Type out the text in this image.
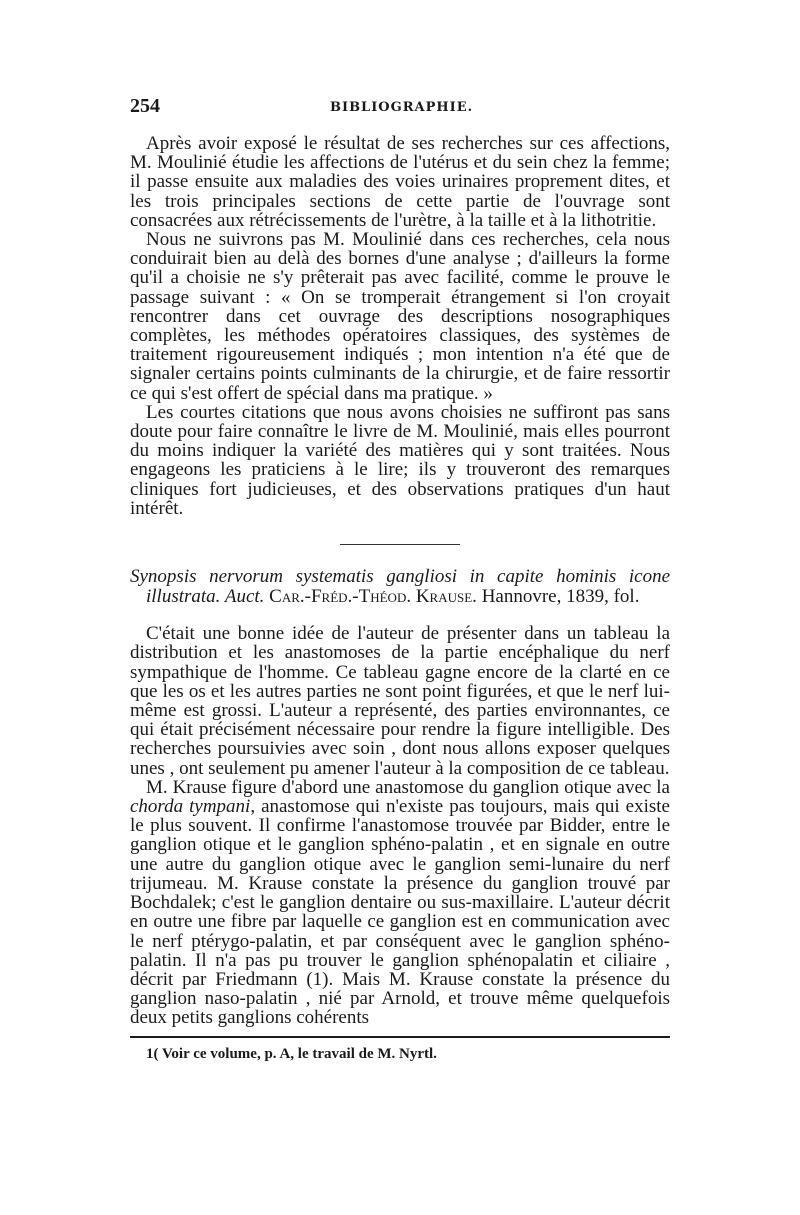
254	BIBLIOGRAPHIE.

Après avoir exposé le résultat de ses recherches sur ces affections, M. Moulinié étudie les affections de l'utérus et du sein chez la femme; il passe ensuite aux maladies des voies urinaires proprement dites, et les trois principales sections de cette partie de l'ouvrage sont consacrées aux rétrécissements de l'urètre, à la taille et à la lithotritie.

Nous ne suivrons pas M. Moulinié dans ces recherches, cela nous conduirait bien au delà des bornes d'une analyse ; d'ailleurs la forme qu'il a choisie ne s'y prêterait pas avec facilité, comme le prouve le passage suivant : « On se tromperait étrangement si l'on croyait rencontrer dans cet ouvrage des descriptions nosographiques complètes, les méthodes opératoires classiques, des systèmes de traitement rigoureusement indiqués ; mon intention n'a été que de signaler certains points culminants de la chirurgie, et de faire ressortir ce qui s'est offert de spécial dans ma pratique. »

Les courtes citations que nous avons choisies ne suffiront pas sans doute pour faire connaître le livre de M. Moulinié, mais elles pourront du moins indiquer la variété des matières qui y sont traitées. Nous engageons les praticiens à le lire; ils y trouveront des remarques cliniques fort judicieuses, et des observations pratiques d'un haut intérêt.

Synopsis nervorum systematis gangliosi in capite hominis icone illustrata. Auct. Car.-Fréd.-Théod. Krause. Hannovre, 1839, fol.

C'était une bonne idée de l'auteur de présenter dans un tableau la distribution et les anastomoses de la partie encéphalique du nerf sympathique de l'homme. Ce tableau gagne encore de la clarté en ce que les os et les autres parties ne sont point figurées, et que le nerf lui-même est grossi. L'auteur a représenté, des parties environnantes, ce qui était précisément nécessaire pour rendre la figure intelligible. Des recherches poursuivies avec soin , dont nous allons exposer quelques unes , ont seulement pu amener l'auteur à la composition de ce tableau.

M. Krause figure d'abord une anastomose du ganglion otique avec la chorda tympani, anastomose qui n'existe pas toujours, mais qui existe le plus souvent. Il confirme l'anastomose trouvée par Bidder, entre le ganglion otique et le ganglion sphéno-palatin , et en signale en outre une autre du ganglion otique avec le ganglion semi-lunaire du nerf trijumeau. M. Krause constate la présence du ganglion trouvé par Bochdalek; c'est le ganglion dentaire ou sus-maxillaire. L'auteur décrit en outre une fibre par laquelle ce ganglion est en communication avec le nerf ptérygo-palatin, et par conséquent avec le ganglion sphéno-palatin. Il n'a pas pu trouver le ganglion sphénopalatin et ciliaire , décrit par Friedmann (1). Mais M. Krause constate la présence du ganglion naso-palatin , nié par Arnold, et trouve même quelquefois deux petits ganglions cohérents

1( Voir ce volume, p. A, le travail de M. Nyrtl.
